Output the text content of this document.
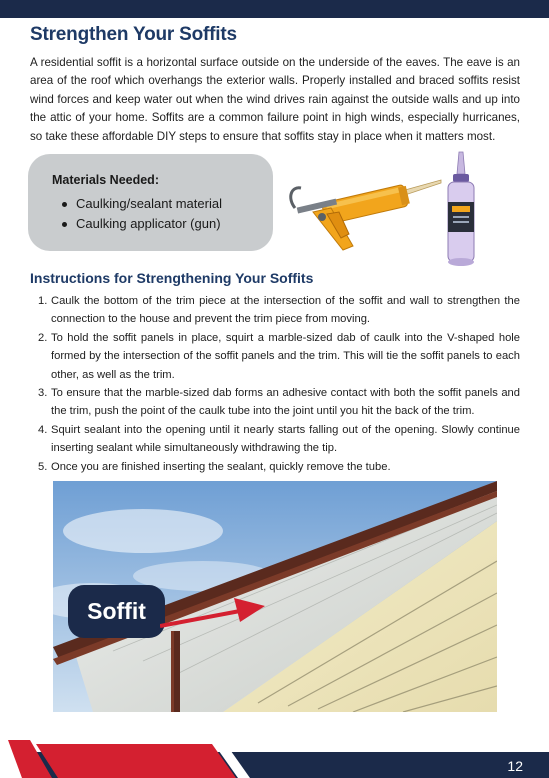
Strengthen Your Soffits

A residential soffit is a horizontal surface outside on the underside of the eaves. The eave is an area of the roof which overhangs the exterior walls. Properly installed and braced soffits resist wind forces and keep water out when the wind drives rain against the outside walls and up into the attic of your home. Soffits are a common failure point in high winds, especially hurricanes, so take these affordable DIY steps to ensure that soffits stay in place when it matters most.

Materials Needed:

Caulking/sealant material
Caulking applicator (gun)
Instructions for Strengthening Your Soffits
1. Caulk the bottom of the trim piece at the intersection of the soffit and wall to strengthen the connection to the house and prevent the trim piece from moving.
2. To hold the soffit panels in place, squirt a marble-sized dab of caulk into the V-shaped hole formed by the intersection of the soffit panels and the trim. This will tie the soffit panels to each other, as well as the trim.
3. To ensure that the marble-sized dab forms an adhesive contact with both the soffit panels and the trim, push the point of the caulk tube into the joint until you hit the back of the trim.
4. Squirt sealant into the opening until it nearly starts falling out of the opening. Slowly continue inserting sealant while simultaneously withdrawing the tip.
5. Once you are finished inserting the sealant, quickly remove the tube.
Soffit
12
